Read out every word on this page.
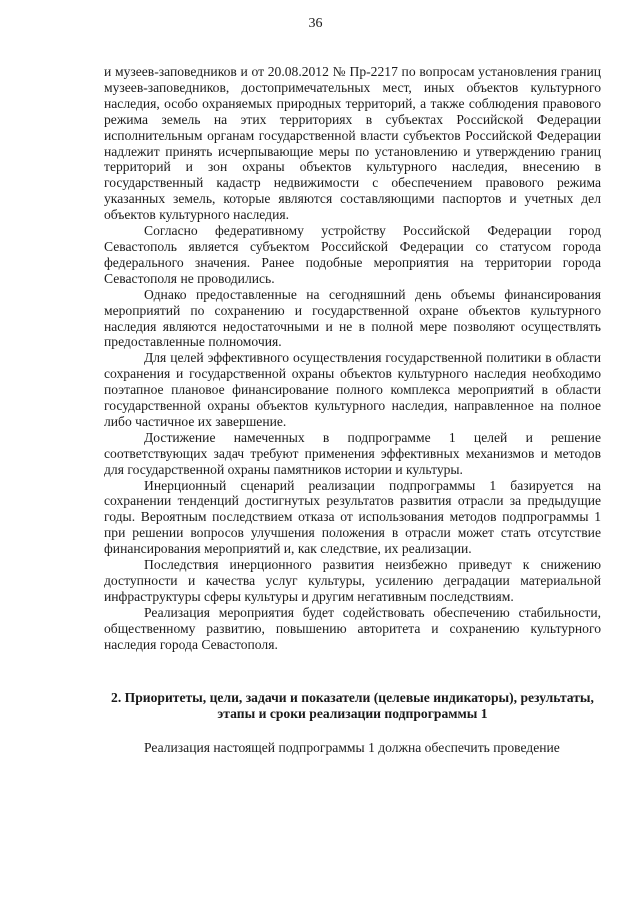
36

и музеев-заповедников и от 20.08.2012 № Пр-2217 по вопросам установления границ музеев-заповедников, достопримечательных мест, иных объектов культурного наследия, особо охраняемых природных территорий, а также соблюдения правового режима земель на этих территориях в субъектах Российской Федерации исполнительным органам государственной власти субъектов Российской Федерации надлежит принять исчерпывающие меры по установлению и утверждению границ территорий и зон охраны объектов культурного наследия, внесению в государственный кадастр недвижимости с обеспечением правового режима указанных земель, которые являются составляющими паспортов и учетных дел объектов культурного наследия.

Согласно федеративному устройству Российской Федерации город Севастополь является субъектом Российской Федерации со статусом города федерального значения. Ранее подобные мероприятия на территории города Севастополя не проводились.

Однако предоставленные на сегодняшний день объемы финансирования мероприятий по сохранению и государственной охране объектов культурного наследия являются недостаточными и не в полной мере позволяют осуществлять предоставленные полномочия.

Для целей эффективного осуществления государственной политики в области сохранения и государственной охраны объектов культурного наследия необходимо поэтапное плановое финансирование полного комплекса мероприятий в области государственной охраны объектов культурного наследия, направленное на полное либо частичное их завершение.

Достижение намеченных в подпрограмме 1 целей и решение соответствующих задач требуют применения эффективных механизмов и методов для государственной охраны памятников истории и культуры.

Инерционный сценарий реализации подпрограммы 1 базируется на сохранении тенденций достигнутых результатов развития отрасли за предыдущие годы. Вероятным последствием отказа от использования методов подпрограммы 1 при решении вопросов улучшения положения в отрасли может стать отсутствие финансирования мероприятий и, как следствие, их реализации.

Последствия инерционного развития неизбежно приведут к снижению доступности и качества услуг культуры, усилению деградации материальной инфраструктуры сферы культуры и другим негативным последствиям.

Реализация мероприятия будет содействовать обеспечению стабильности, общественному развитию, повышению авторитета и сохранению культурного наследия города Севастополя.

2. Приоритеты, цели, задачи и показатели (целевые индикаторы), результаты, этапы и сроки реализации подпрограммы 1

Реализация настоящей подпрограммы 1 должна обеспечить проведение
